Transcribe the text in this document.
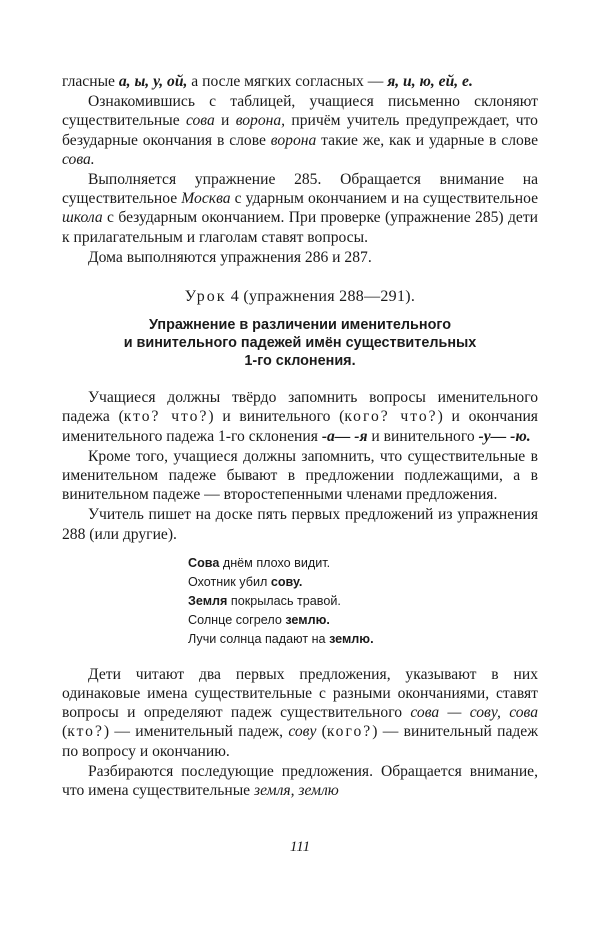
гласные а, ы, у, ой, а после мягких согласных — я, и, ю, ей, е.

Ознакомившись с таблицей, учащиеся письменно склоняют существительные сова и ворона, причём учитель предупреждает, что безударные окончания в слове ворона такие же, как и ударные в слове сова.

Выполняется упражнение 285. Обращается внимание на существительное Москва с ударным окончанием и на существительное школа с безударным окончанием. При проверке (упражнение 285) дети к прилагательным и глаголам ставят вопросы.

Дома выполняются упражнения 286 и 287.

Урок 4 (упражнения 288—291).
Упражнение в различении именительного
и винительного падежей имён существительных
1-го склонения.

Учащиеся должны твёрдо запомнить вопросы именительного падежа (кто? что?) и винительного (кого? что?) и окончания именительного падежа 1-го склонения -а— -я и винительного -у— -ю.

Кроме того, учащиеся должны запомнить, что существительные в именительном падеже бывают в предложении подлежащими, а в винительном падеже — второстепенными членами предложения.

Учитель пишет на доске пять первых предложений из упражнения 288 (или другие).

Сова днём плохо видит.
Охотник убил сову.
Земля покрылась травой.
Солнце согрело землю.
Лучи солнца падают на землю.

Дети читают два первых предложения, указывают в них одинаковые имена существительные с разными окончаниями, ставят вопросы и определяют падеж существительного сова — сову, сова (кто?) — именительный падеж, сову (кого?) — винительный падеж по вопросу и окончанию.

Разбираются последующие предложения. Обращается внимание, что имена существительные земля, землю

111
